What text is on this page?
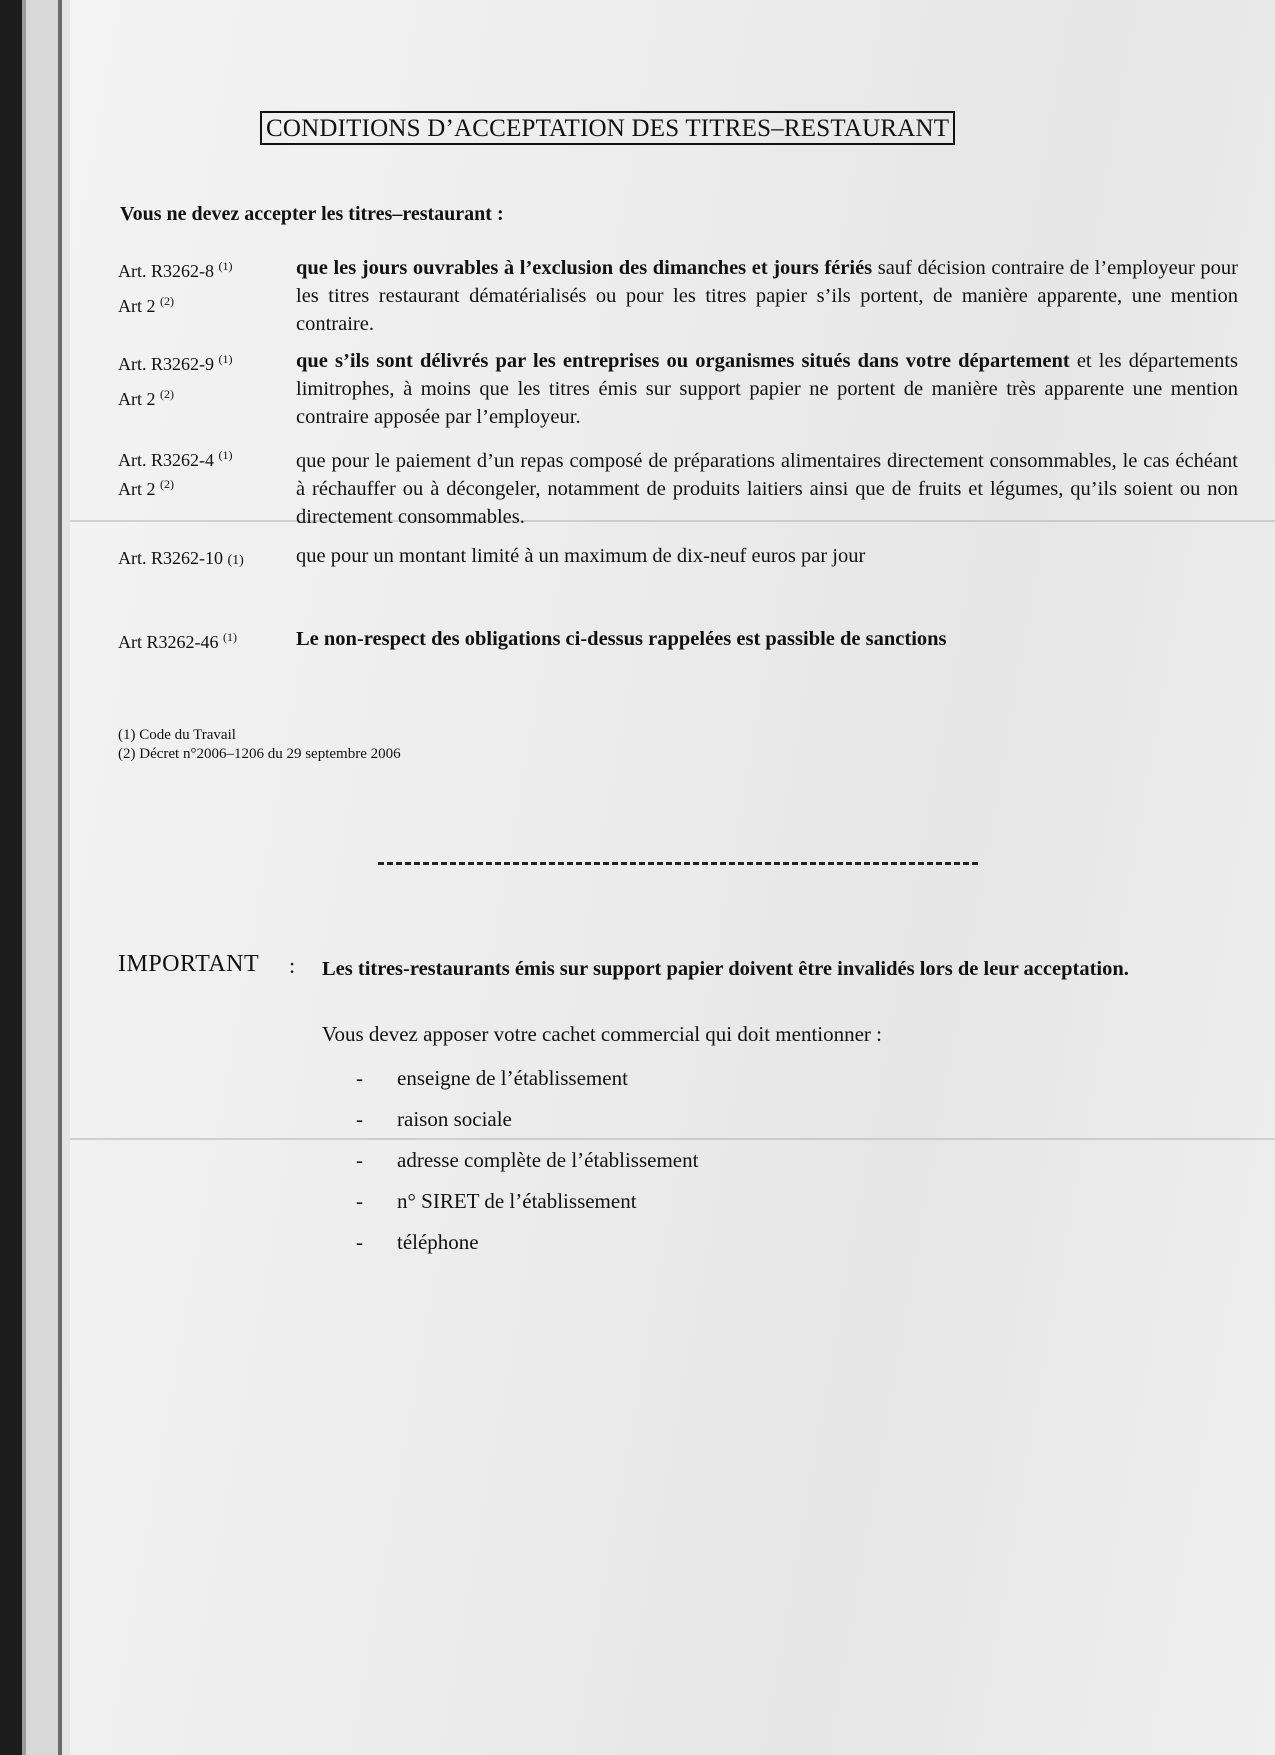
CONDITIONS D’ACCEPTATION DES TITRES–RESTAURANT
Vous ne devez accepter les titres–restaurant :
Art. R3262-8 $^{(1)}$
Art 2 $^{(2)}$
que les jours ouvrables à l’exclusion des dimanches et jours fériés sauf décision contraire de l’employeur pour les titres restaurant dématérialisés ou pour les titres papier s’ils portent, de manière apparente, une mention contraire.
Art. R3262-9 $^{(1)}$
Art 2 $^{(2)}$
que s’ils sont délivrés par les entreprises ou organismes situés dans votre département et les départements limitrophes, à moins que les titres émis sur support papier ne portent de manière très apparente une mention contraire apposée par l’employeur.
Art. R3262-4 $^{(1)}$
Art 2 $^{(2)}$
que pour le paiement d’un repas composé de préparations alimentaires directement consommables, le cas échéant à réchauffer ou à décongeler, notamment de produits laitiers ainsi que de fruits et légumes, qu’ils soient ou non directement consommables.
Art. R3262-10 (1)	que pour un montant limité à un maximum de dix-neuf euros par jour
Art R3262-46 $^{(1)}$	Le non-respect des obligations ci-dessus rappelées est passible de sanctions
(1) Code du Travail
(2) Décret n°2006–1206 du 29 septembre 2006
IMPORTANT : Les titres-restaurants émis sur support papier doivent être invalidés lors de leur acceptation.
Vous devez apposer votre cachet commercial qui doit mentionner :
- enseigne de l’établissement
- raison sociale
- adresse complète de l’établissement
- n° SIRET de l’établissement
- téléphone
